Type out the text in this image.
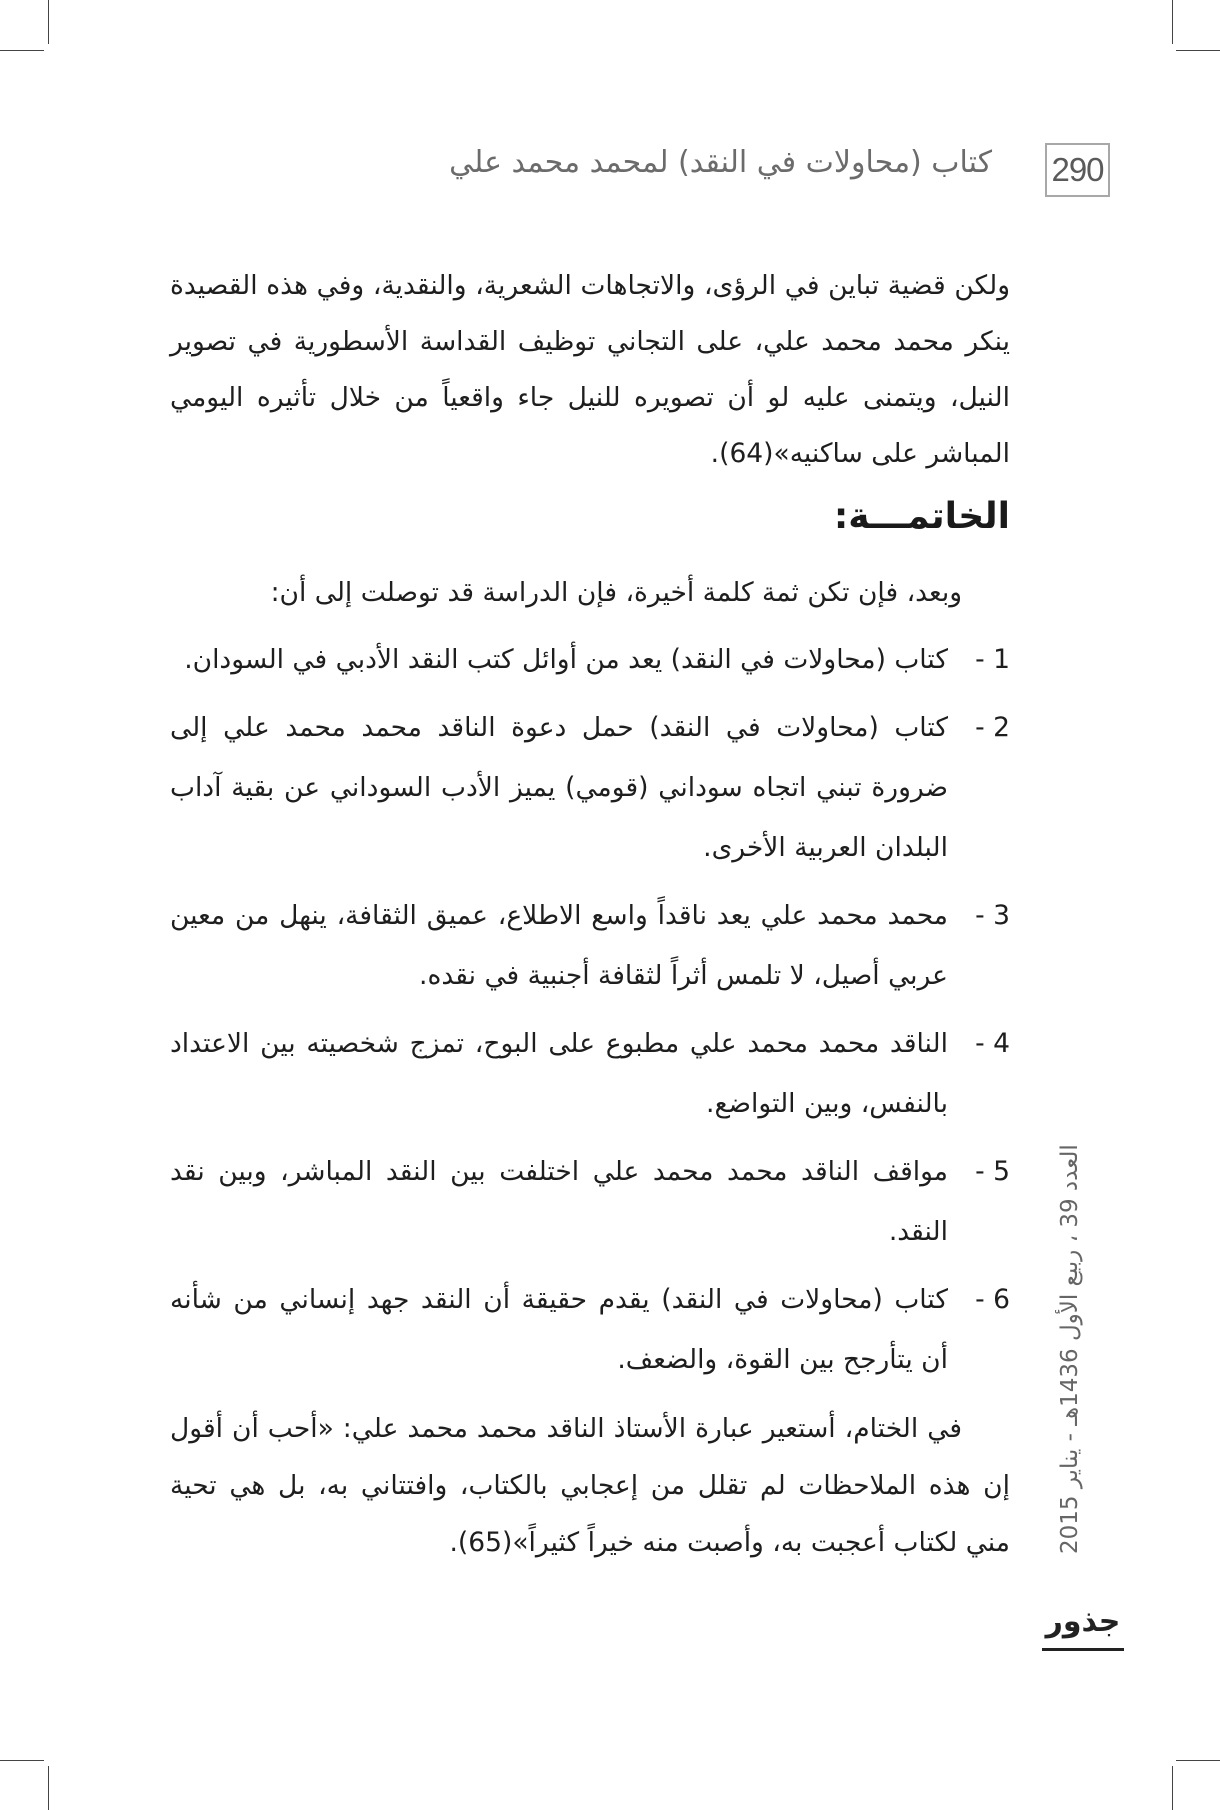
290
كتاب (محاولات في النقد) لمحمد محمد علي
ولكن قضية تباين في الرؤى، والاتجاهات الشعرية، والنقدية، وفي هذه القصيدة ينكر محمد محمد علي، على التجاني توظيف القداسة الأسطورية في تصوير النيل، ويتمنى عليه لو أن تصويره للنيل جاء واقعياً من خلال تأثيره اليومي المباشر على ساكنيه»(64).
الخاتمـــة:
وبعد، فإن تكن ثمة كلمة أخيرة، فإن الدراسة قد توصلت إلى أن:
1 -
كتاب (محاولات في النقد) يعد من أوائل كتب النقد الأدبي في السودان.
2 -
كتاب (محاولات في النقد) حمل دعوة الناقد محمد محمد علي إلى ضرورة تبني اتجاه سوداني (قومي) يميز الأدب السوداني عن بقية آداب البلدان العربية الأخرى.
3 -
محمد محمد علي يعد ناقداً واسع الاطلاع، عميق الثقافة، ينهل من معين عربي أصيل، لا تلمس أثراً لثقافة أجنبية في نقده.
4 -
الناقد محمد محمد علي مطبوع على البوح، تمزج شخصيته بين الاعتداد بالنفس، وبين التواضع.
5 -
مواقف الناقد محمد محمد علي اختلفت بين النقد المباشر، وبين نقد النقد.
6 -
كتاب (محاولات في النقد) يقدم حقيقة أن النقد جهد إنساني من شأنه أن يتأرجح بين القوة، والضعف.
في الختام، أستعير عبارة الأستاذ الناقد محمد محمد علي: «أحب أن أقول إن هذه الملاحظات لم تقلل من إعجابي بالكتاب، وافتتاني به، بل هي تحية مني لكتاب أعجبت به، وأصبت منه خيراً كثيراً»(65). العدد 39 ، ربيع الأول 1436هـ - يناير 2015
جذور
